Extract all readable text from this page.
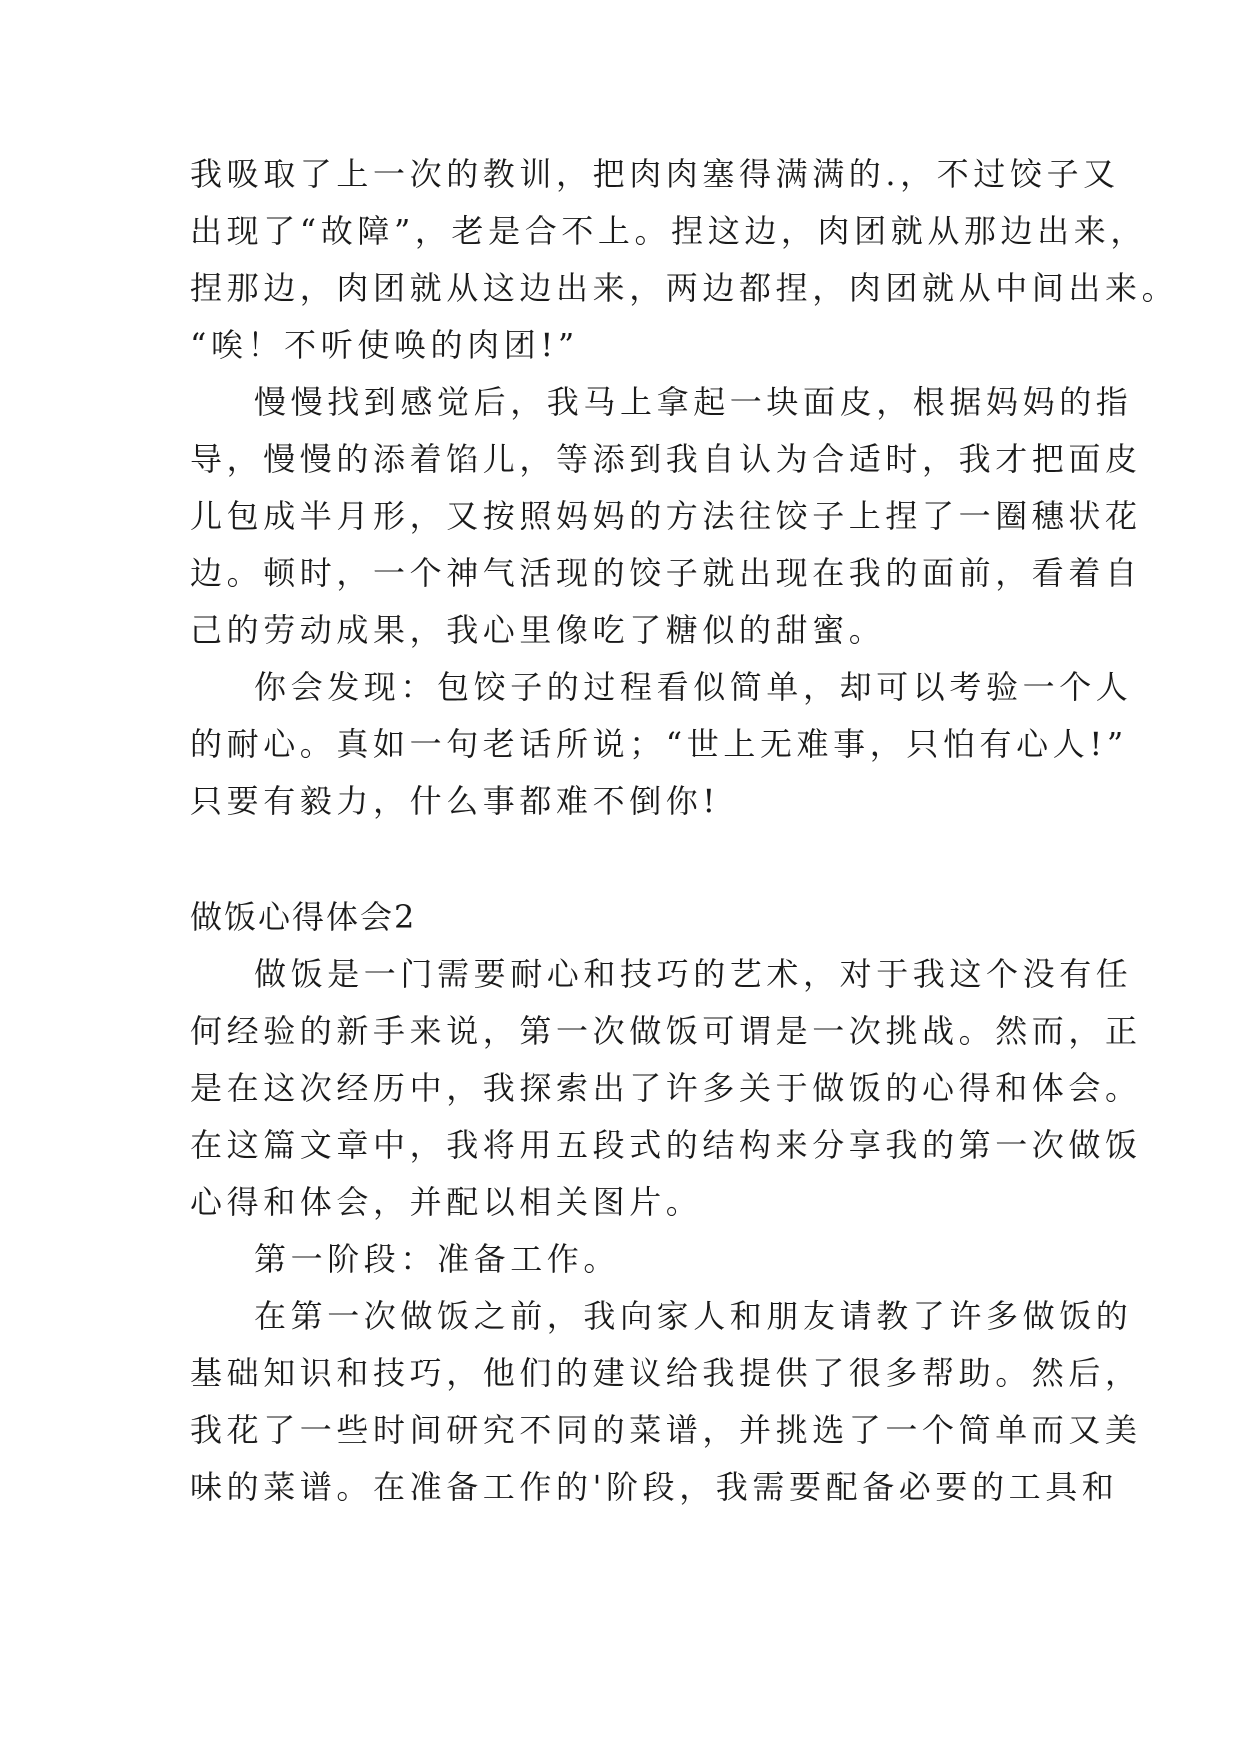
我吸取了上一次的教训，把肉肉塞得满满的.，不过饺子又
出现了“故障”，老是合不上。捏这边，肉团就从那边出来，
捏那边，肉团就从这边出来，两边都捏，肉团就从中间出来。
“唉！不听使唤的肉团!”
慢慢找到感觉后，我马上拿起一块面皮，根据妈妈的指
导，慢慢的添着馅儿，等添到我自认为合适时，我才把面皮
儿包成半月形，又按照妈妈的方法往饺子上捏了一圈穗状花
边。顿时，一个神气活现的饺子就出现在我的面前，看着自
己的劳动成果，我心里像吃了糖似的甜蜜。
你会发现：包饺子的过程看似简单，却可以考验一个人
的耐心。真如一句老话所说；“世上无难事，只怕有心人!”
只要有毅力，什么事都难不倒你!
做饭心得体会2
做饭是一门需要耐心和技巧的艺术，对于我这个没有任
何经验的新手来说，第一次做饭可谓是一次挑战。然而，正
是在这次经历中，我探索出了许多关于做饭的心得和体会。
在这篇文章中，我将用五段式的结构来分享我的第一次做饭
心得和体会，并配以相关图片。
第一阶段：准备工作。
在第一次做饭之前，我向家人和朋友请教了许多做饭的
基础知识和技巧，他们的建议给我提供了很多帮助。然后，
我花了一些时间研究不同的菜谱，并挑选了一个简单而又美
味的菜谱。在准备工作的'阶段，我需要配备必要的工具和
